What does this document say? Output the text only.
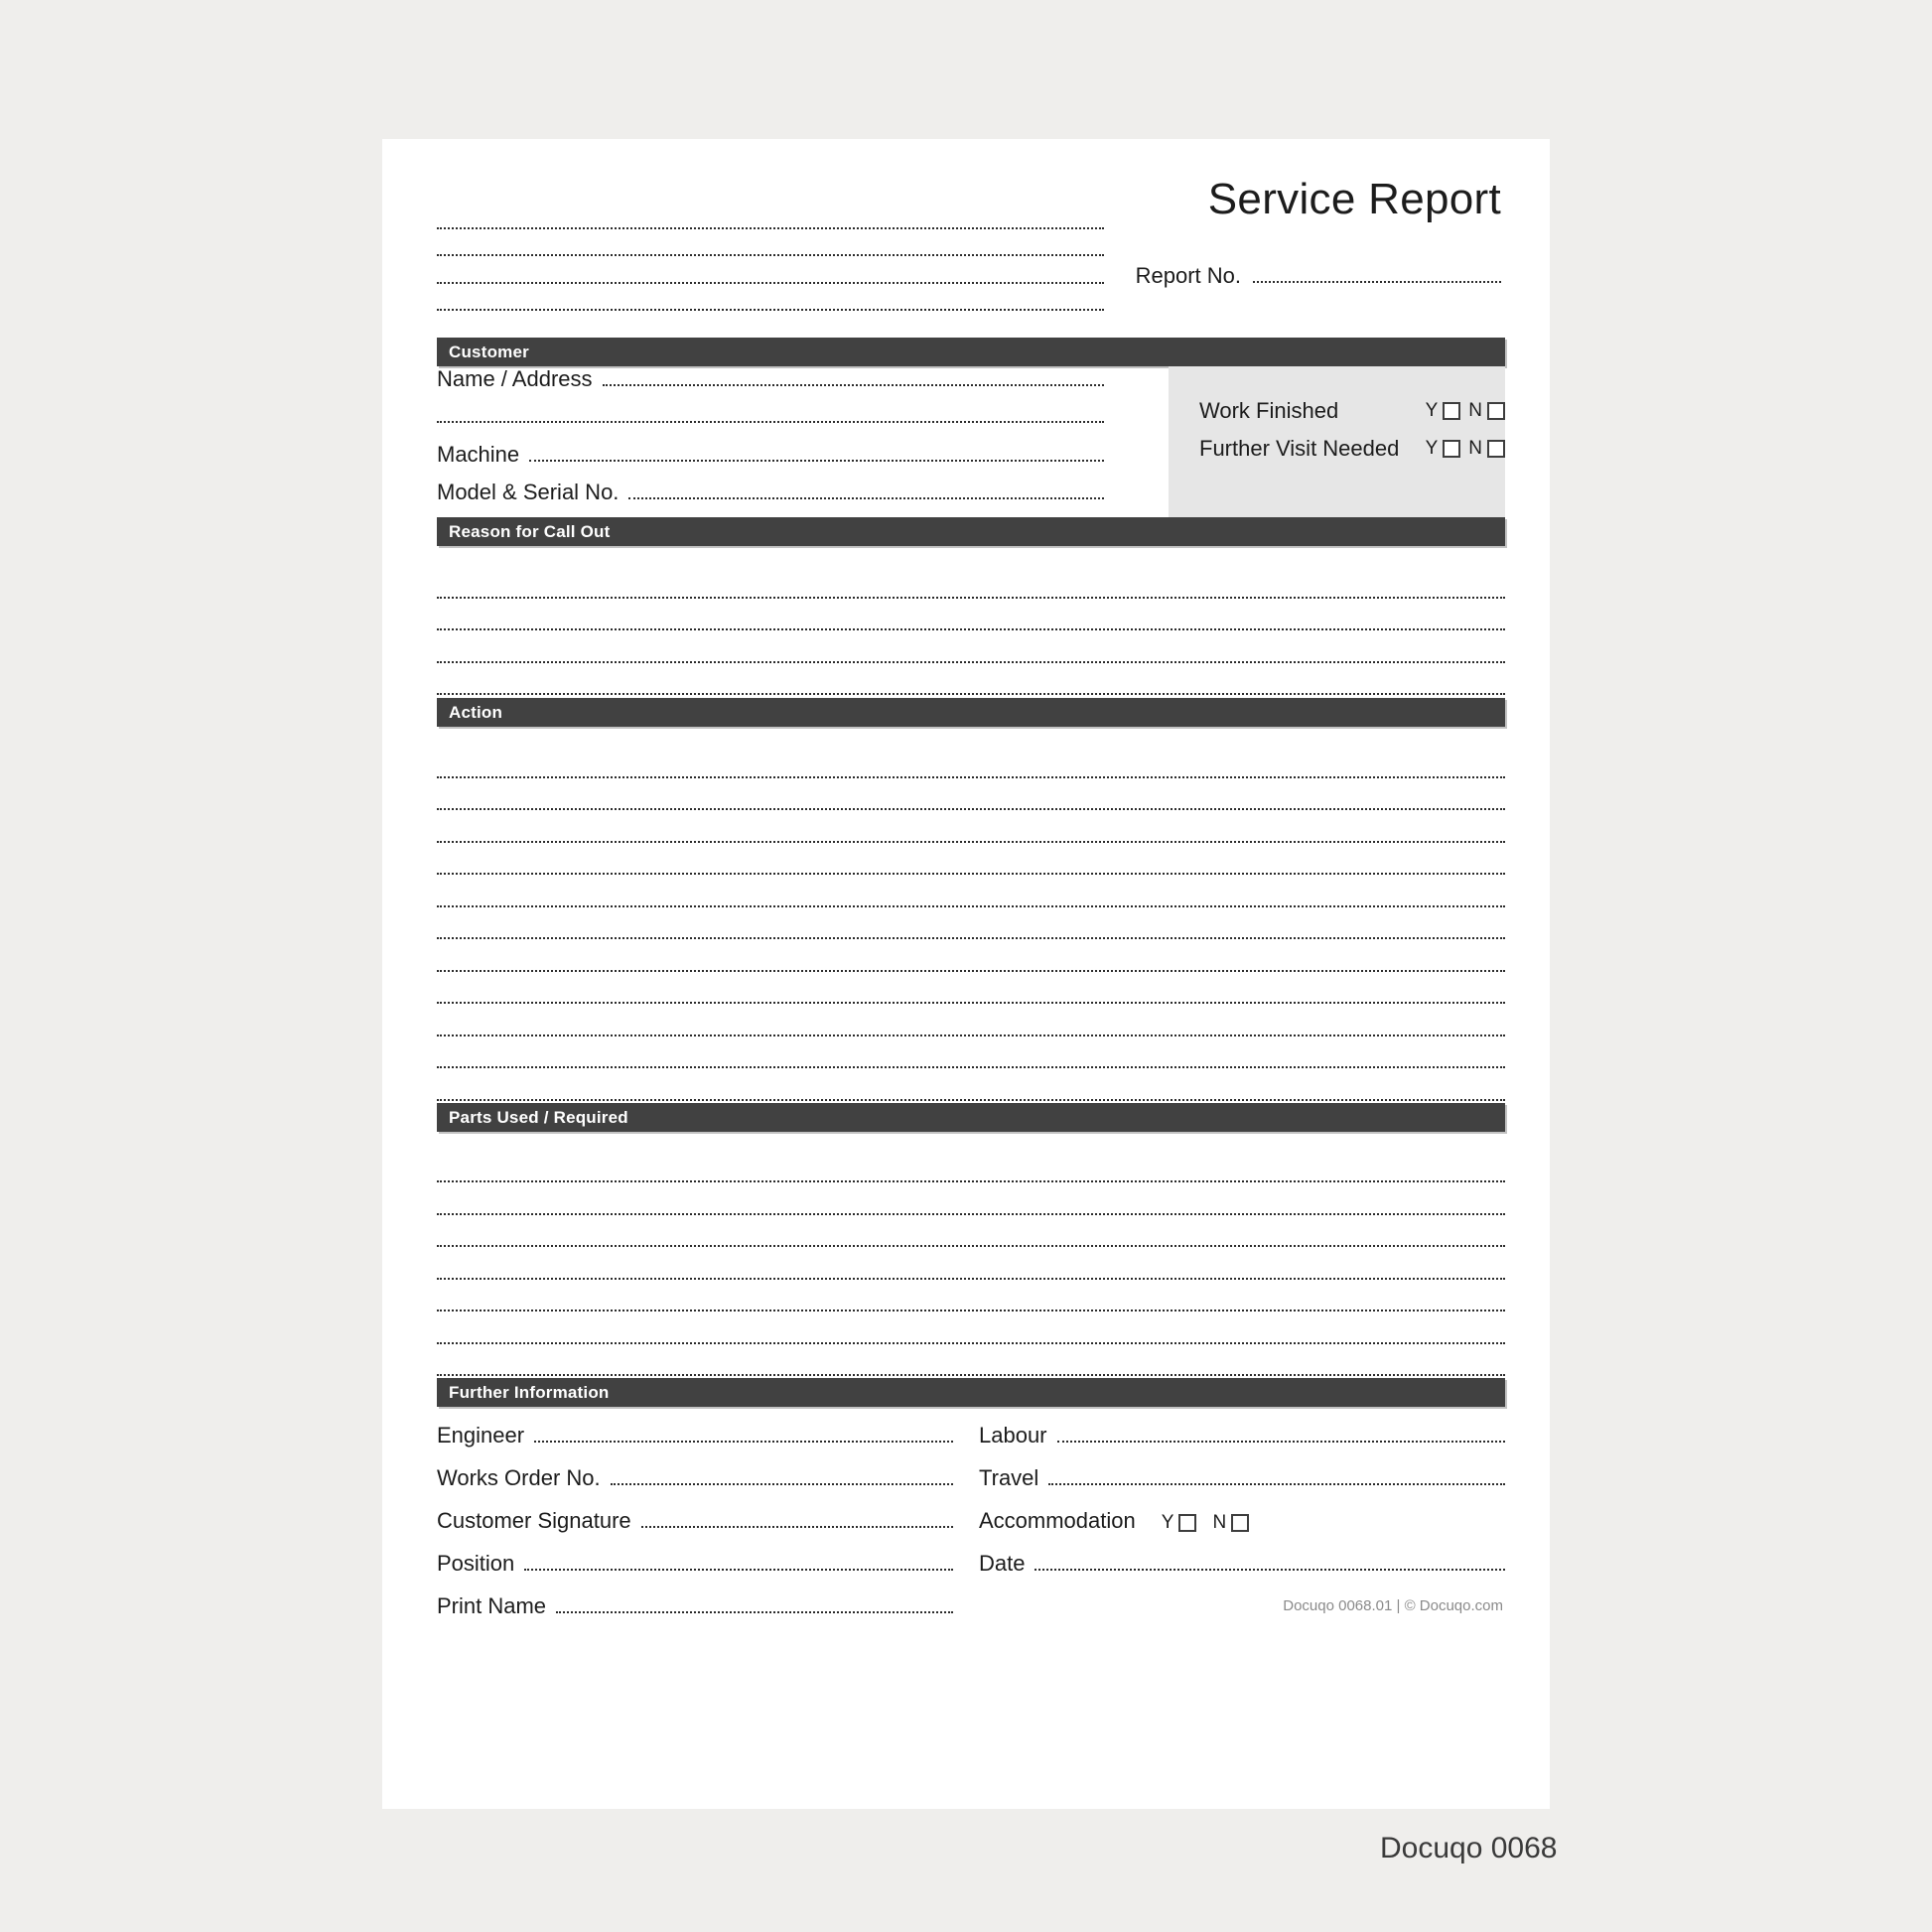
Service Report
Report No.
Customer
Name / Address
Machine
Model & Serial No.
Work Finished	Y N
Further Visit Needed	Y N
Reason for Call Out
Action
Parts Used / Required
Further Information
Engineer
Works Order No.
Customer Signature
Position
Print Name
Labour
Travel
Accommodation Y N
Date
Docuqo 0068.01 | © Docuqo.com
Docuqo 0068
